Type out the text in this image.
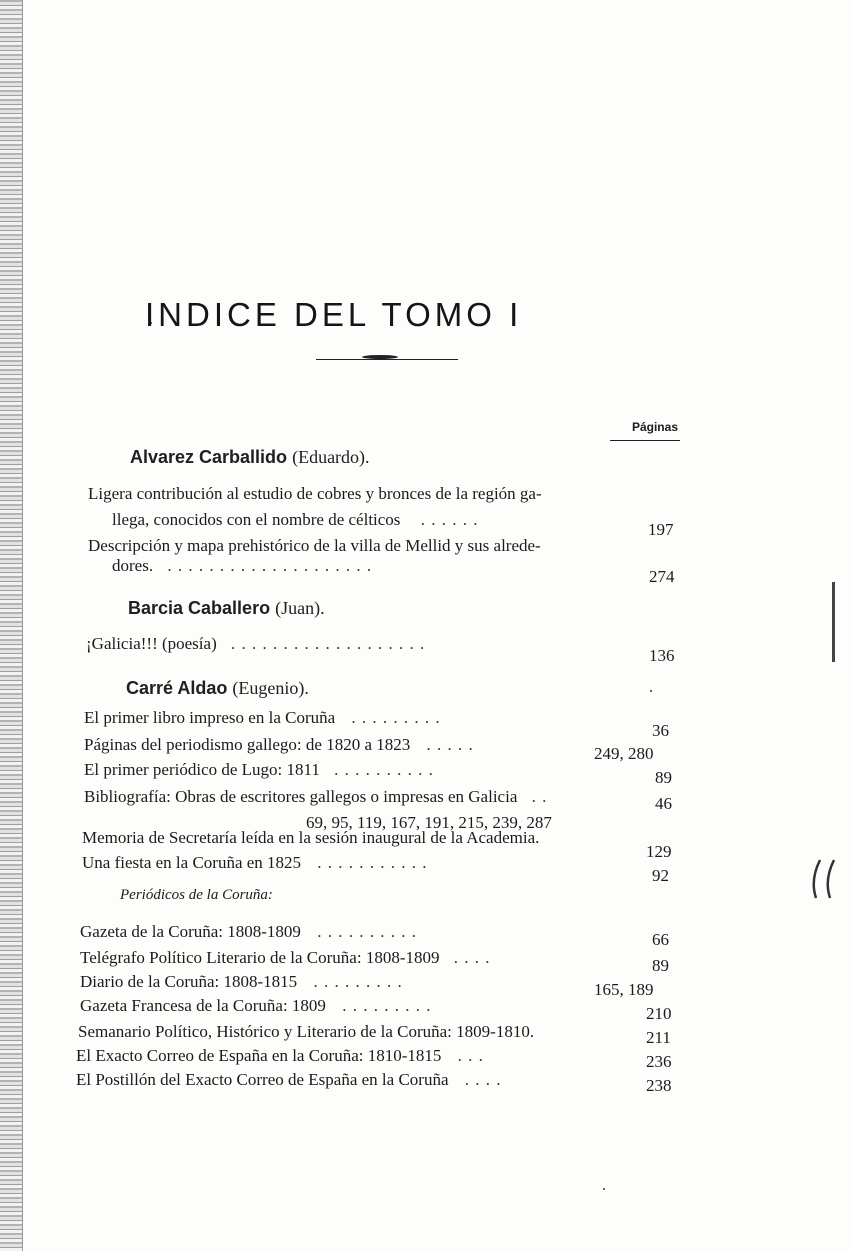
INDICE DEL TOMO I
Páginas
Alvarez Carballido (Eduardo).
Ligera contribución al estudio de cobres y bronces de la región ga-
llega, conocidos con el nombre de célticos . . . . . .
197
Descripción y mapa prehistórico de la villa de Mellid y sus alrede-
dores. . . . . . . . . . . . . . . . . . . . .
274
Barcia Caballero (Juan).
¡Galicia!!! (poesía) . . . . . . . . . . . . . . . . . . .
136
Carré Aldao (Eugenio).
El primer libro impreso en la Coruña . . . . . . . . .
36
Páginas del periodismo gallego: de 1820 a 1823 . . . . .	249, 280
El primer periódico de Lugo: 1811 . . . . . . . . . .	89
Bibliografía: Obras de escritores gallegos o impresas en Galicia . .	46
69, 95, 119, 167, 191, 215, 239, 287
Memoria de Secretaría leída en la sesión inaugural de la Academia.
129
Una fiesta en la Coruña en 1825 . . . . . . . . . . .
92
Periódicos de la Coruña:
Gazeta de la Coruña: 1808-1809 . . . . . . . . . .	66
Telégrafo Político Literario de la Coruña: 1808-1809 . . . .	89
Diario de la Coruña: 1808-1815 . . . . . . . . .	165, 189
Gazeta Francesa de la Coruña: 1809 . . . . . . . . .	210
Semanario Político, Histórico y Literario de la Coruña: 1809-1810.	211
El Exacto Correo de España en la Coruña: 1810-1815 . . .	236
El Postillón del Exacto Correo de España en la Coruña . . . .	238
